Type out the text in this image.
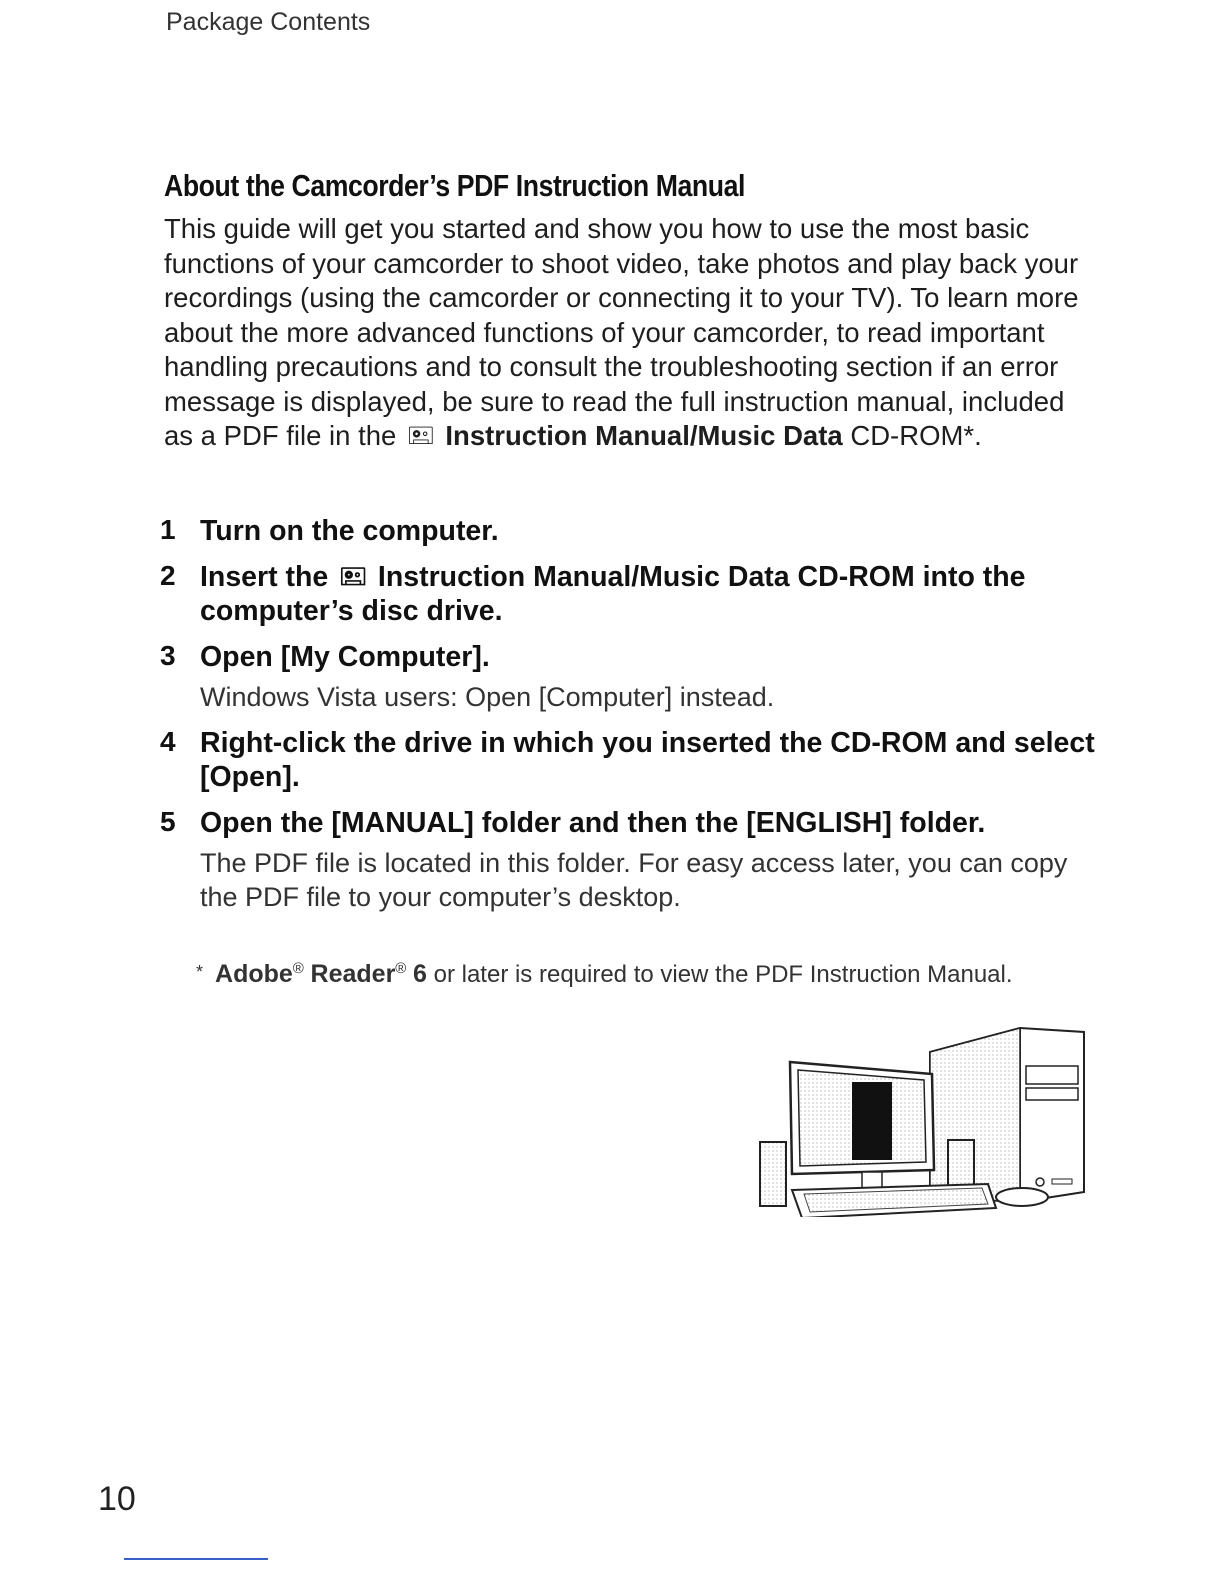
Package Contents
About the Camcorder’s PDF Instruction Manual

This guide will get you started and show you how to use the most basic functions of your camcorder to shoot video, take photos and play back your recordings (using the camcorder or connecting it to your TV). To learn more about the more advanced functions of your camcorder, to read important handling precautions and to consult the troubleshooting section if an error message is displayed, be sure to read the full instruction manual, included as a PDF file in the 🖭 Instruction Manual/Music Data CD-ROM*.

1 Turn on the computer.
2 Insert the 🖭 Instruction Manual/Music Data CD-ROM into the computer’s disc drive.
3 Open [My Computer].
Windows Vista users: Open [Computer] instead.
4 Right-click the drive in which you inserted the CD-ROM and select [Open].
5 Open the [MANUAL] folder and then the [ENGLISH] folder.
The PDF file is located in this folder. For easy access later, you can copy the PDF file to your computer’s desktop.
* Adobe® Reader® 6 or later is required to view the PDF Instruction Manual.
10
